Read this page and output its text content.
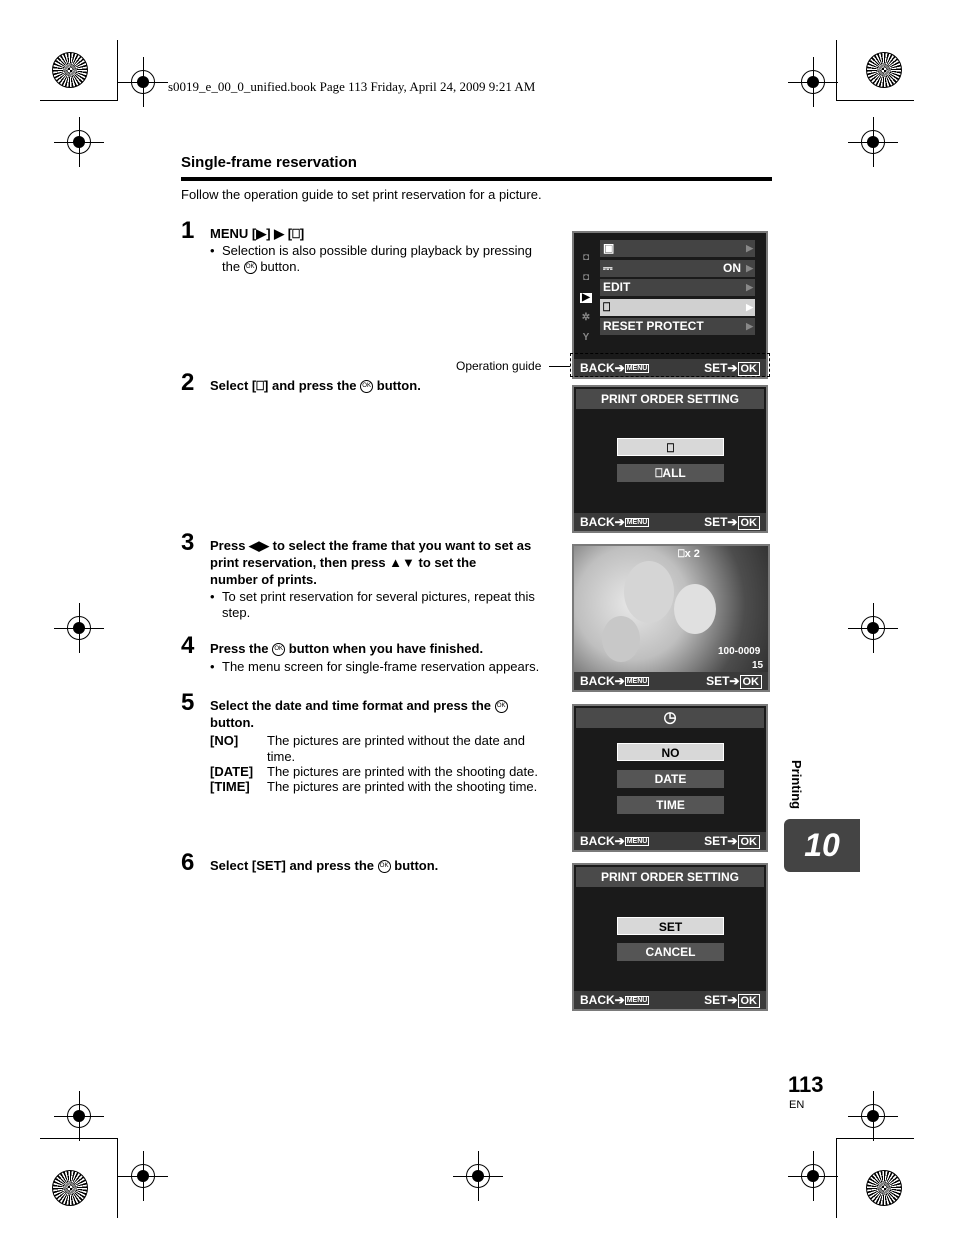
s0019_e_00_0_unified.book Page 113 Friday, April 24, 2009 9:21 AM
Single-frame reservation
Follow the operation guide to set print reservation for a picture.
1 MENU [▶] ▶ [⎕]
• Selection is also possible during playback by pressing
the OK button.
2 Select [⎕] and press the OK button.
3 Press ◀▶ to select the frame that you want to set as
print reservation, then press ▲▼ to set the
number of prints.
• To set print reservation for several pictures, repeat this
step.
4 Press the OK button when you have finished.
• The menu screen for single-frame reservation appears.
5 Select the date and time format and press the OK
button.
[NO] The pictures are printed without the date and
time.
[DATE] The pictures are printed with the shooting date.
[TIME] The pictures are printed with the shooting time.
6 Select [SET] and press the OK button.
◘
◘
▶
✲
Y
▣	▶
⎓	ON ▶
EDIT	▶
⎕	▶
RESET PROTECT	▶
BACK➔ MENU	SET➔ OK
Operation guide
PRINT ORDER SETTING
⎕
⎕ALL
BACK➔ MENU	SET➔ OK
⎕x 2
100-0009
15
BACK➔ MENU	SET➔ OK
◷
NO
DATE
TIME
BACK➔ MENU	SET➔ OK
PRINT ORDER SETTING
SET
CANCEL
BACK➔ MENU	SET➔ OK
Printing
10
113
EN
